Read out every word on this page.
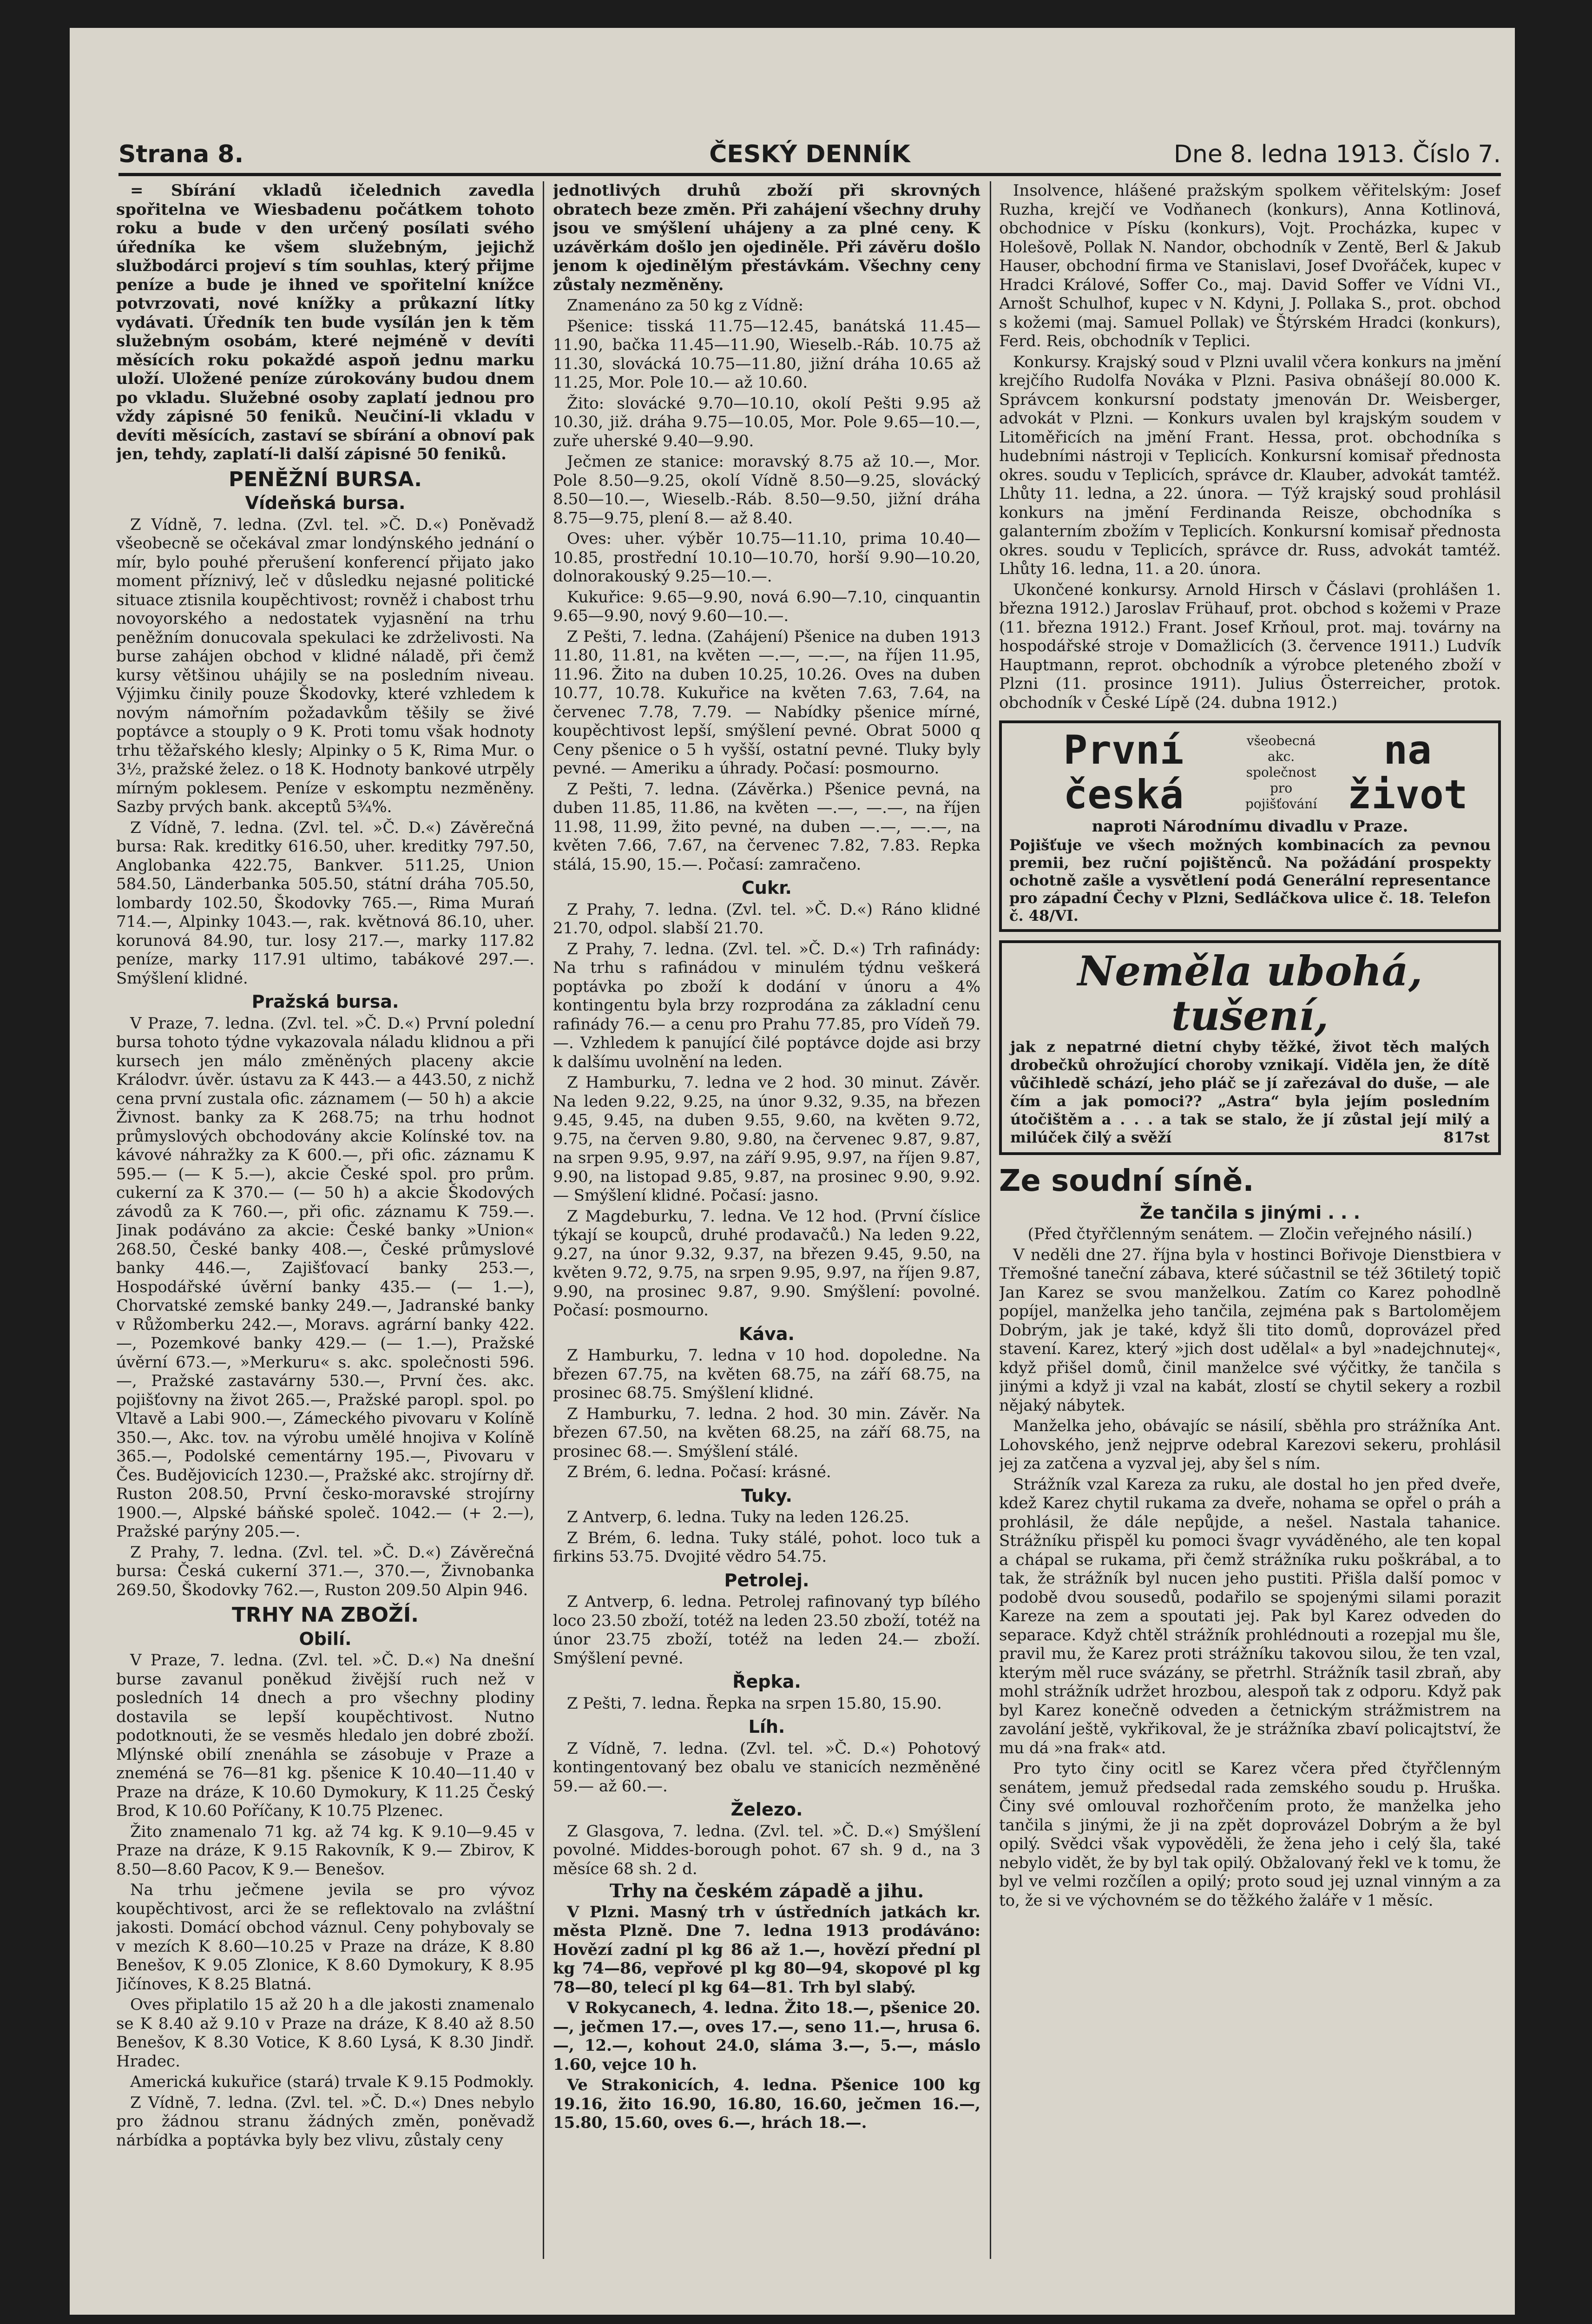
Strana 8.	ČESKÝ DENNÍK	Dne 8. ledna 1913. Číslo 7.

= Sbírání vkladů ičelednich zavedla spořitelna ve Wiesbadenu počátkem tohoto roku a bude v den určený posílati svého úředníka ke všem služebným, jejichž službodárci projeví s tím souhlas, který přijme peníze a bude je ihned ve spořitelní knížce potvrzovati, nové knížky a průkazní lítky vydávati. Úředník ten bude vysílán jen k těm služebným osobám, které nejméně v devíti měsících roku pokaždé aspoň jednu marku uloží. Uložené peníze zúrokovány budou dnem po vkladu. Služebné osoby zaplatí jednou pro vždy zápisné 50 feniků. Neučiní-li vkladu v devíti měsících, zastaví se sbírání a obnoví pak jen, tehdy, zaplatí-li další zápisné 50 feniků.

PENĚŽNÍ BURSA.
Vídeňská bursa.

Z Vídně, 7. ledna. (Zvl. tel. »Č. D.«) Poněvadž všeobecně se očekával zmar londýnského jednání o mír, bylo pouhé přerušení konferencí přijato jako moment příznivý, leč v důsledku nejasné politické situace ztisnila koupěchtivost; rovněž i chabost trhu novoyorského a nedostatek vyjasnění na trhu peněžním donucovala spekulaci ke zdrželivosti. Na burse zahájen obchod v klidné náladě, při čemž kursy většinou uhájily se na posledním niveau. Výjimku činily pouze Škodovky, které vzhledem k novým námořním požadavkům těšily se živé poptávce a stouply o 9 K. Proti tomu však hodnoty trhu těžařského klesly; Alpinky o 5 K, Rima Mur. o 3½, pražské želez. o 18 K. Hodnoty bankové utrpěly mírným poklesem. Peníze v eskomptu nezměněny. Sazby prvých bank. akceptů 5¾%.

Z Vídně, 7. ledna. (Zvl. tel. »Č. D.«) Závěrečná bursa: Rak. kreditky 616.50, uher. kreditky 797.50, Anglobanka 422.75, Bankver. 511.25, Union 584.50, Länderbanka 505.50, státní dráha 705.50, lombardy 102.50, Škodovky 765.—, Rima Murań 714.—, Alpinky 1043.—, rak. květnová 86.10, uher. korunová 84.90, tur. losy 217.—, marky 117.82 peníze, marky 117.91 ultimo, tabákové 297.—. Smýšlení klidné.

Pražská bursa.

V Praze, 7. ledna. (Zvl. tel. »Č. D.«) První polední bursa tohoto týdne vykazovala náladu klidnou a při kursech jen málo změněných placeny akcie Králodvr. úvěr. ústavu za K 443.— a 443.50, z nichž cena první zustala ofic. záznamem (— 50 h) a akcie Živnost. banky za K 268.75; na trhu hodnot průmyslových obchodovány akcie Kolínské tov. na kávové náhražky za K 600.—, při ofic. záznamu K 595.— (— K 5.—), akcie České spol. pro prům. cukerní za K 370.— (— 50 h) a akcie Škodových závodů za K 760.—, při ofic. záznamu K 759.—. Jinak podáváno za akcie: České banky »Union« 268.50, České banky 408.—, České průmyslové banky 446.—, Zajišťovací banky 253.—, Hospodářské úvěrní banky 435.— (— 1.—), Chorvatské zemské banky 249.—, Jadranské banky v Růžomberku 242.—, Moravs. agrární banky 422.—, Pozemkové banky 429.— (— 1.—), Pražské úvěrní 673.—, »Merkuru« s. akc. společnosti 596.—, Pražské zastavárny 530.—, První čes. akc. pojišťovny na život 265.—, Pražské paropl. spol. po Vltavě a Labi 900.—, Zámeckého pivovaru v Kolíně 350.—, Akc. tov. na výrobu umělé hnojiva v Kolíně 365.—, Podolské cementárny 195.—, Pivovaru v Čes. Budějovicích 1230.—, Pražské akc. strojírny dř. Ruston 208.50, První česko-moravské strojírny 1900.—, Alpské báňské společ. 1042.— (+ 2.—), Pražské parýny 205.—.

Z Prahy, 7. ledna. (Zvl. tel. »Č. D.«) Závěrečná bursa: Česká cukerní 371.—, 370.—, Živnobanka 269.50, Škodovky 762.—, Ruston 209.50 Alpin 946.

TRHY NA ZBOŽÍ.
Obilí.

V Praze, 7. ledna. (Zvl. tel. »Č. D.«) Na dnešní burse zavanul poněkud živější ruch než v posledních 14 dnech a pro všechny plodiny dostavila se lepší koupěchtivost. Nutno podotknouti, že se vesměs hledalo jen dobré zboží. Mlýnské obilí znenáhla se zásobuje v Praze a zneméná se 76—81 kg. pšenice K 10.40—11.40 v Praze na dráze, K 10.60 Dymokury, K 11.25 Český Brod, K 10.60 Poříčany, K 10.75 Plzenec.

Žito znamenalo 71 kg. až 74 kg. K 9.10—9.45 v Praze na dráze, K 9.15 Rakovník, K 9.— Zbirov, K 8.50—8.60 Pacov, K 9.— Benešov.

Na trhu ječmene jevila se pro vývoz koupěchtivost, arci že se reflektovalo na zvláštní jakosti. Domácí obchod váznul. Ceny pohybovaly se v mezích K 8.60—10.25 v Praze na dráze, K 8.80 Benešov, K 9.05 Zlonice, K 8.60 Dymokury, K 8.95 Jičínoves, K 8.25 Blatná.

Oves připlatilo 15 až 20 h a dle jakosti znamenalo se K 8.40 až 9.10 v Praze na dráze, K 8.40 až 8.50 Benešov, K 8.30 Votice, K 8.60 Lysá, K 8.30 Jindř. Hradec.

Americká kukuřice (stará) trvale K 9.15 Podmokly.

Z Vídně, 7. ledna. (Zvl. tel. »Č. D.«) Dnes nebylo pro žádnou stranu žádných změn, poněvadž nárbídka a poptávka byly bez vlivu, zůstaly ceny

jednotlivých druhů zboží při skrovných obratech beze změn. Při zahájení všechny druhy jsou ve smýšlení uhájeny a za plné ceny. K uzávěrkám došlo jen ojediněle. Při závěru došlo jenom k ojedinělým přestávkám. Všechny ceny zůstaly nezměněny.

Znamenáno za 50 kg z Vídně:

Pšenice: tisská 11.75—12.45, banátská 11.45—11.90, bačka 11.45—11.90, Wieselb.-Ráb. 10.75 až 11.30, slovácká 10.75—11.80, jižní dráha 10.65 až 11.25, Mor. Pole 10.— až 10.60.

Žito: slovácké 9.70—10.10, okolí Pešti 9.95 až 10.30, již. dráha 9.75—10.05, Mor. Pole 9.65—10.—, zuře uherské 9.40—9.90.

Ječmen ze stanice: moravský 8.75 až 10.—, Mor. Pole 8.50—9.25, okolí Vídně 8.50—9.25, slovácký 8.50—10.—, Wieselb.-Ráb. 8.50—9.50, jižní dráha 8.75—9.75, plení 8.— až 8.40.

Oves: uher. výběr 10.75—11.10, prima 10.40—10.85, prostřední 10.10—10.70, horší 9.90—10.20, dolnorakouský 9.25—10.—.

Kukuřice: 9.65—9.90, nová 6.90—7.10, cinquantin 9.65—9.90, nový 9.60—10.—.

Z Pešti, 7. ledna. (Zahájení) Pšenice na duben 1913 11.80, 11.81, na květen —.—, —.—, na říjen 11.95, 11.96. Žito na duben 10.25, 10.26. Oves na duben 10.77, 10.78. Kukuřice na květen 7.63, 7.64, na červenec 7.78, 7.79. — Nabídky pšenice mírné, koupěchtivost lepší, smýšlení pevné. Obrat 5000 q Ceny pšenice o 5 h vyšší, ostatní pevné. Tluky byly pevné. — Ameriku a úhrady. Počasí: posmourno.

Z Pešti, 7. ledna. (Závěrka.) Pšenice pevná, na duben 11.85, 11.86, na květen —.—, —.—, na říjen 11.98, 11.99, žito pevné, na duben —.—, —.—, na květen 7.66, 7.67, na červenec 7.82, 7.83. Repka stálá, 15.90, 15.—. Počasí: zamračeno.

Cukr.

Z Prahy, 7. ledna. (Zvl. tel. »Č. D.«) Ráno klidné 21.70, odpol. slabší 21.70.

Z Prahy, 7. ledna. (Zvl. tel. »Č. D.«) Trh rafinády: Na trhu s rafinádou v minulém týdnu veškerá poptávka po zboží k dodání v únoru a 4% kontingentu byla brzy rozprodána za základní cenu rafinády 76.— a cenu pro Prahu 77.85, pro Vídeň 79.—. Vzhledem k panující čilé poptávce dojde asi brzy k dalšímu uvolnění na leden.

Z Hamburku, 7. ledna ve 2 hod. 30 minut. Závěr. Na leden 9.22, 9.25, na únor 9.32, 9.35, na březen 9.45, 9.45, na duben 9.55, 9.60, na květen 9.72, 9.75, na červen 9.80, 9.80, na červenec 9.87, 9.87, na srpen 9.95, 9.97, na září 9.95, 9.97, na říjen 9.87, 9.90, na listopad 9.85, 9.87, na prosinec 9.90, 9.92. — Smýšlení klidné. Počasí: jasno.

Z Magdeburku, 7. ledna. Ve 12 hod. (První číslice týkají se koupců, druhé prodavačů.) Na leden 9.22, 9.27, na únor 9.32, 9.37, na březen 9.45, 9.50, na květen 9.72, 9.75, na srpen 9.95, 9.97, na říjen 9.87, 9.90, na prosinec 9.87, 9.90. Smýšlení: povolné. Počasí: posmourno.

Káva.

Z Hamburku, 7. ledna v 10 hod. dopoledne. Na březen 67.75, na květen 68.75, na září 68.75, na prosinec 68.75. Smýšlení klidné.

Z Hamburku, 7. ledna. 2 hod. 30 min. Závěr. Na březen 67.50, na květen 68.25, na září 68.75, na prosinec 68.—. Smýšlení stálé.

Z Brém, 6. ledna. Počasí: krásné.

Tuky.

Z Antverp, 6. ledna. Tuky na leden 126.25.

Z Brém, 6. ledna. Tuky stálé, pohot. loco tuk a firkins 53.75. Dvojité vědro 54.75.

Petrolej.

Z Antverp, 6. ledna. Petrolej rafinovaný typ bílého loco 23.50 zboží, totéž na leden 23.50 zboží, totéž na únor 23.75 zboží, totéž na leden 24.— zboží. Smýšlení pevné.

Řepka.

Z Pešti, 7. ledna. Řepka na srpen 15.80, 15.90.

Líh.

Z Vídně, 7. ledna. (Zvl. tel. »Č. D.«) Pohotový kontingentovaný bez obalu ve stanicích nezměněné 59.— až 60.—.

Železo.

Z Glasgova, 7. ledna. (Zvl. tel. »Č. D.«) Smýšlení povolné. Middes-borough pohot. 67 sh. 9 d., na 3 měsíce 68 sh. 2 d.

Trhy na českém západě a jihu.

V Plzni. Masný trh v ústředních jatkách kr. města Plzně. Dne 7. ledna 1913 prodáváno: Hovězí zadní pl kg 86 až 1.—, hovězí přední pl kg 74—86, vepřové pl kg 80—94, skopové pl kg 78—80, telecí pl kg 64—81. Trh byl slabý.

V Rokycanech, 4. ledna. Žito 18.—, pšenice 20.—, ječmen 17.—, oves 17.—, seno 11.—, hrusa 6.—, 12.—, kohout 24.0, sláma 3.—, 5.—, máslo 1.60, vejce 10 h.

Ve Strakonicích, 4. ledna. Pšenice 100 kg 19.16, žito 16.90, 16.80, 16.60, ječmen 16.—, 15.80, 15.60, oves 6.—, hrách 18.—.

Insolvence, hlášené pražským spolkem věřitelským: Josef Ruzha, krejčí ve Vodňanech (konkurs), Anna Kotlinová, obchodnice v Písku (konkurs), Vojt. Procházka, kupec v Holešově, Pollak N. Nandor, obchodník v Zentě, Berl & Jakub Hauser, obchodní firma ve Stanislavi, Josef Dvořáček, kupec v Hradci Králové, Soffer Co., maj. David Soffer ve Vídni VI., Arnošt Schulhof, kupec v N. Kdyni, J. Pollaka S., prot. obchod s kožemi (maj. Samuel Pollak) ve Štýrském Hradci (konkurs), Ferd. Reis, obchodník v Teplici.

Konkursy. Krajský soud v Plzni uvalil včera konkurs na jmění krejčího Rudolfa Nováka v Plzni. Pasiva obnášejí 80.000 K. Správcem konkursní podstaty jmenován Dr. Weisberger, advokát v Plzni. — Konkurs uvalen byl krajským soudem v Litoměřicích na jmění Frant. Hessa, prot. obchodníka s hudebními nástroji v Teplicích. Konkursní komisař přednosta okres. soudu v Teplicích, správce dr. Klauber, advokát tamtéž. Lhůty 11. ledna, a 22. února. — Týž krajský soud prohlásil konkurs na jmění Ferdinanda Reisze, obchodníka s galanterním zbožím v Teplicích. Konkursní komisař přednosta okres. soudu v Teplicích, správce dr. Russ, advokát tamtéž. Lhůty 16. ledna, 11. a 20. února.

Ukončené konkursy. Arnold Hirsch v Čáslavi (prohlášen 1. března 1912.) Jaroslav Frühauf, prot. obchod s kožemi v Praze (11. března 1912.) Frant. Josef Krňoul, prot. maj. továrny na hospodářské stroje v Domažlicích (3. července 1911.) Ludvík Hauptmann, reprot. obchodník a výrobce pleteného zboží v Plzni (11. prosince 1911). Julius Österreicher, protok. obchodník v České Lípě (24. dubna 1912.)

První česká
všeobecná akc.
společnost pro
pojišťování
na život
naproti Národnímu divadlu v Praze.
Pojišťuje ve všech možných kombinacích za pevnou premii, bez ruční pojištěnců. Na požádání prospekty ochotně zašle a vysvětlení podá Generální representance pro západní Čechy v Plzni, Sedláčkova ulice č. 18. Telefon č. 48/VI.
Neměla ubohá,
tušení,
jak z nepatrné dietní chyby těžké, život těch malých drobečků ohrožující choroby vznikají. Viděla jen, že dítě vůčihledě schází, jeho pláč se jí zařezával do duše, — ale čím a jak pomoci?? „Astra“ byla jejím posledním útočištěm a . . . a tak se stalo, že jí zůstal její milý a milúček čilý a svěží	817st
Ze soudní síně.
Že tančila s jinými . . .

(Před čtyřčlenným senátem. — Zločin veřejného násilí.)

V neděli dne 27. října byla v hostinci Bořivoje Dienstbiera v Třemošné taneční zábava, které súčastnil se též 36tiletý topič Jan Karez se svou manželkou. Zatím co Karez pohodlně popíjel, manželka jeho tančila, zejména pak s Bartolomějem Dobrým, jak je také, když šli tito domů, doprovázel před stavení. Karez, který »jich dost udělal« a byl »nadejchnutej«, když přišel domů, činil manželce své výčitky, že tančila s jinými a když ji vzal na kabát, zlostí se chytil sekery a rozbil nějaký nábytek.

Manželka jeho, obávajíc se násilí, sběhla pro strážníka Ant. Lohovského, jenž nejprve odebral Karezovi sekeru, prohlásil jej za zatčena a vyzval jej, aby šel s ním.

Strážník vzal Kareza za ruku, ale dostal ho jen před dveře, kdež Karez chytil rukama za dveře, nohama se opřel o práh a prohlásil, že dále nepůjde, a nešel. Nastala tahanice. Strážníku přispěl ku pomoci švagr vyváděného, ale ten kopal a chápal se rukama, při čemž strážníka ruku poškrábal, a to tak, že strážník byl nucen jeho pustiti. Přišla další pomoc v podobě dvou sousedů, podařilo se spojenými silami porazit Kareze na zem a spoutati jej. Pak byl Karez odveden do separace. Když chtěl strážník prohlédnouti a rozepjal mu šle, pravil mu, že Karez proti strážníku takovou silou, že ten vzal, kterým měl ruce svázány, se přetrhl. Strážník tasil zbraň, aby mohl strážník udržet hrozbou, alespoň tak z odporu. Když pak byl Karez konečně odveden a četnickým strážmistrem na zavolání ještě, vykřikoval, že je strážníka zbaví policajtství, že mu dá »na frak« atd.

Pro tyto činy ocitl se Karez včera před čtyřčlenným senátem, jemuž předsedal rada zemského soudu p. Hruška. Činy své omlouval rozhořčením proto, že manželka jeho tančila s jinými, že ji na zpět doprovázel Dobrým a že byl opilý. Svědci však vypověděli, že žena jeho i celý šla, také nebylo vidět, že by byl tak opilý. Obžalovaný řekl ve k tomu, že byl ve velmi rozčílen a opilý; proto soud jej uznal vinným a za to, že si ve výchovném se do těžkého žaláře v 1 měsíc.
